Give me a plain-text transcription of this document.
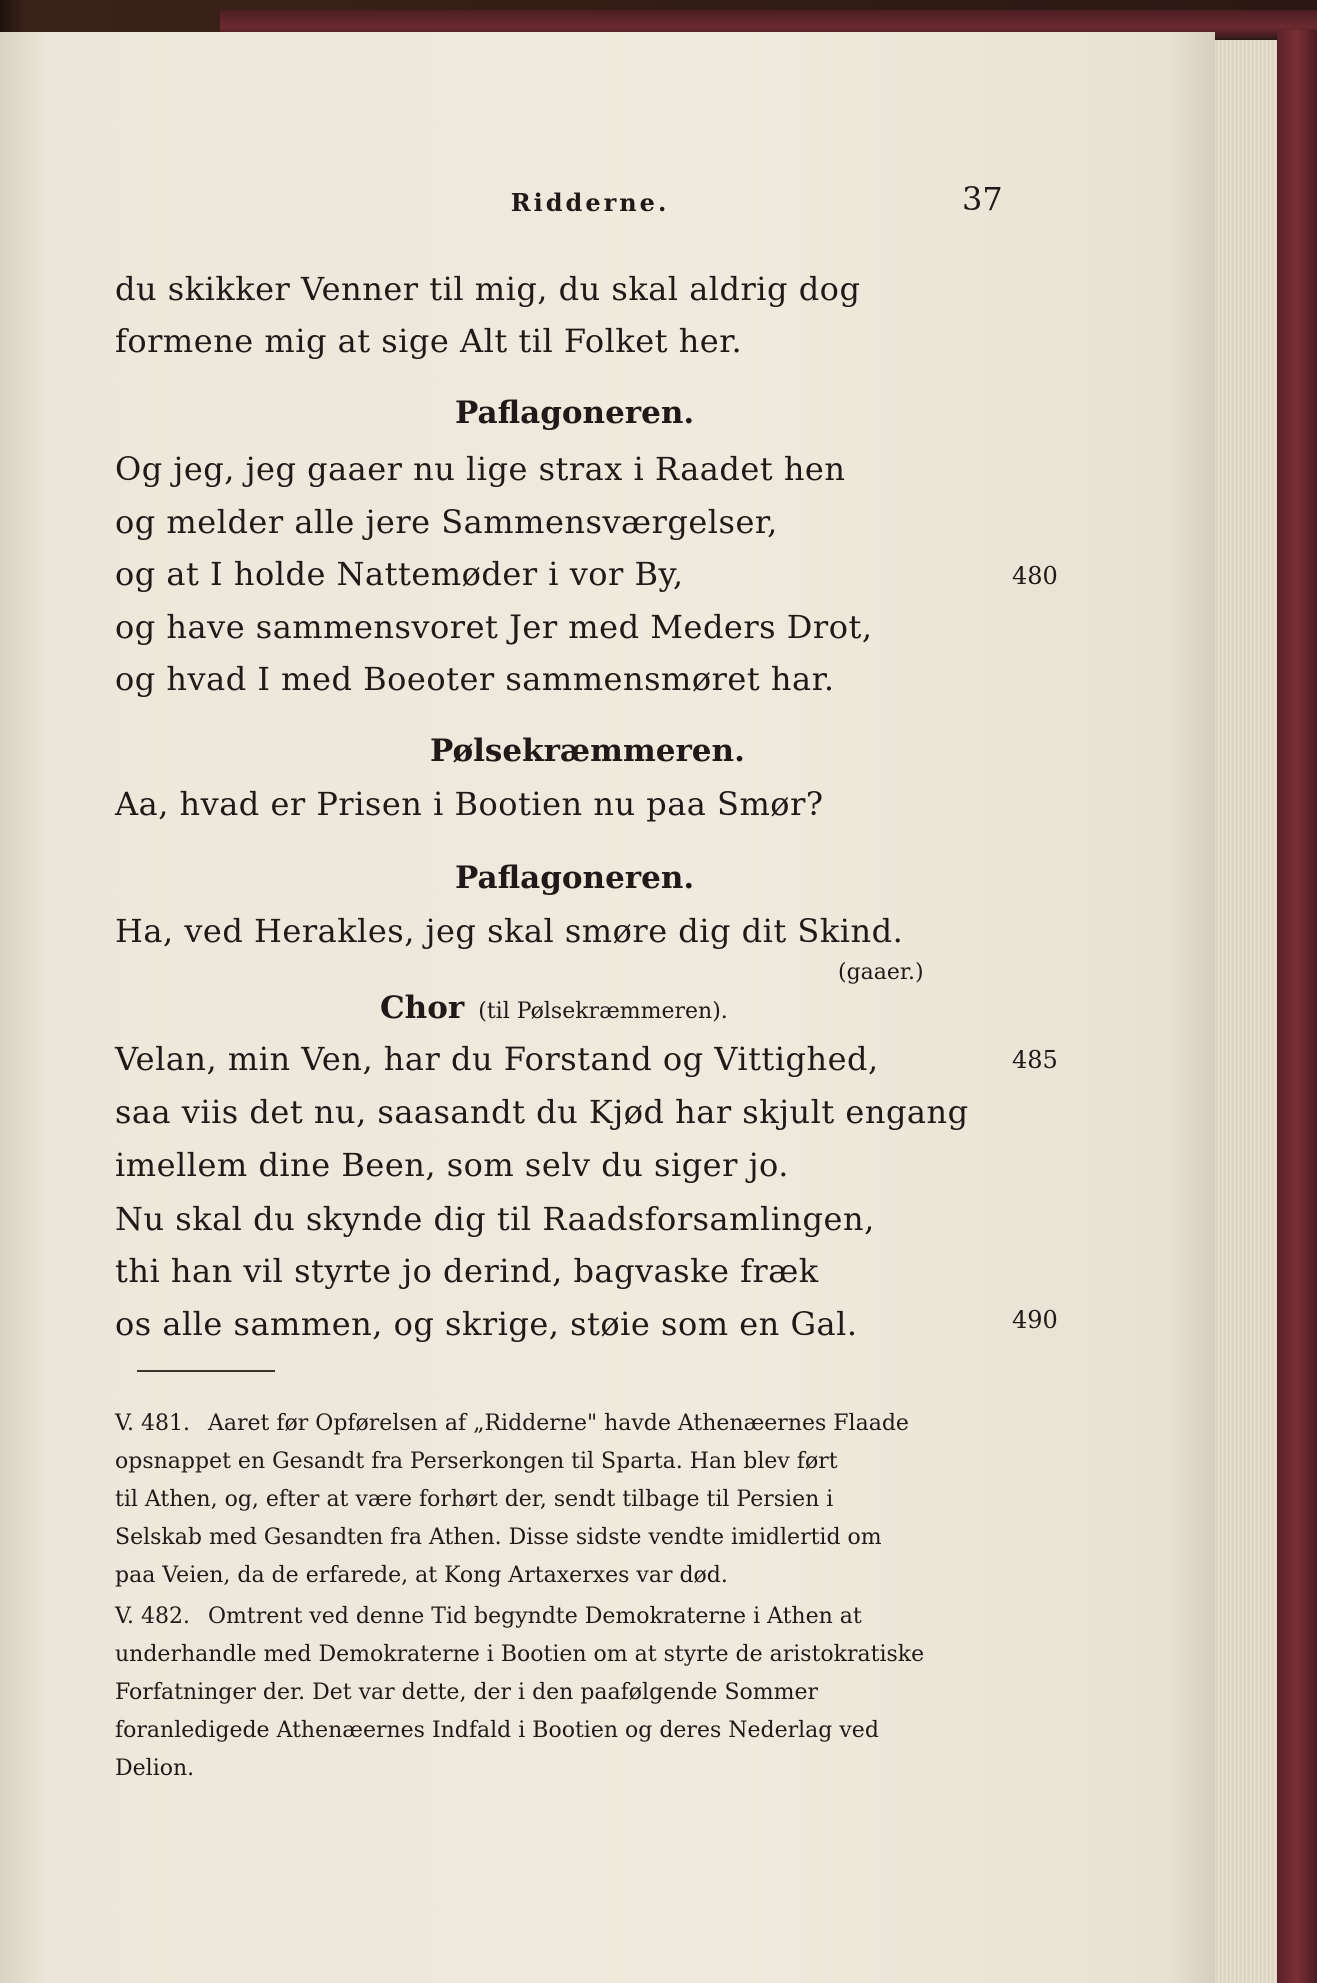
Ridderne.	37
du skikker Venner til mig, du skal aldrig dog
formene mig at sige Alt til Folket her.
Paflagoneren.
Og jeg, jeg gaaer nu lige strax i Raadet hen
og melder alle jere Sammensværgelser,
og at I holde Nattemøder i vor By,	480
og have sammensvoret Jer med Meders Drot,
og hvad I med Boeoter sammensmøret har.
Pølsekræmmeren.
Aa, hvad er Prisen i Bootien nu paa Smør?
Paflagoneren.
Ha, ved Herakles, jeg skal smøre dig dit Skind.
(gaaer.)
Chor (til Pølsekræmmeren).
Velan, min Ven, har du Forstand og Vittighed,	485
saa viis det nu, saasandt du Kjød har skjult engang
imellem dine Been, som selv du siger jo.
Nu skal du skynde dig til Raadsforsamlingen,
thi han vil styrte jo derind, bagvaske fræk
os alle sammen, og skrige, støie som en Gal.	490
V. 481. Aaret før Opførelsen af „Ridderne" havde Athenæernes Flaade
opsnappet en Gesandt fra Perserkongen til Sparta. Han blev ført
til Athen, og, efter at være forhørt der, sendt tilbage til Persien i
Selskab med Gesandten fra Athen. Disse sidste vendte imidlertid om
paa Veien, da de erfarede, at Kong Artaxerxes var død.
V. 482. Omtrent ved denne Tid begyndte Demokraterne i Athen at
underhandle med Demokraterne i Bootien om at styrte de aristokratiske
Forfatninger der. Det var dette, der i den paafølgende Sommer
foranledigede Athenæernes Indfald i Bootien og deres Nederlag ved
Delion.
